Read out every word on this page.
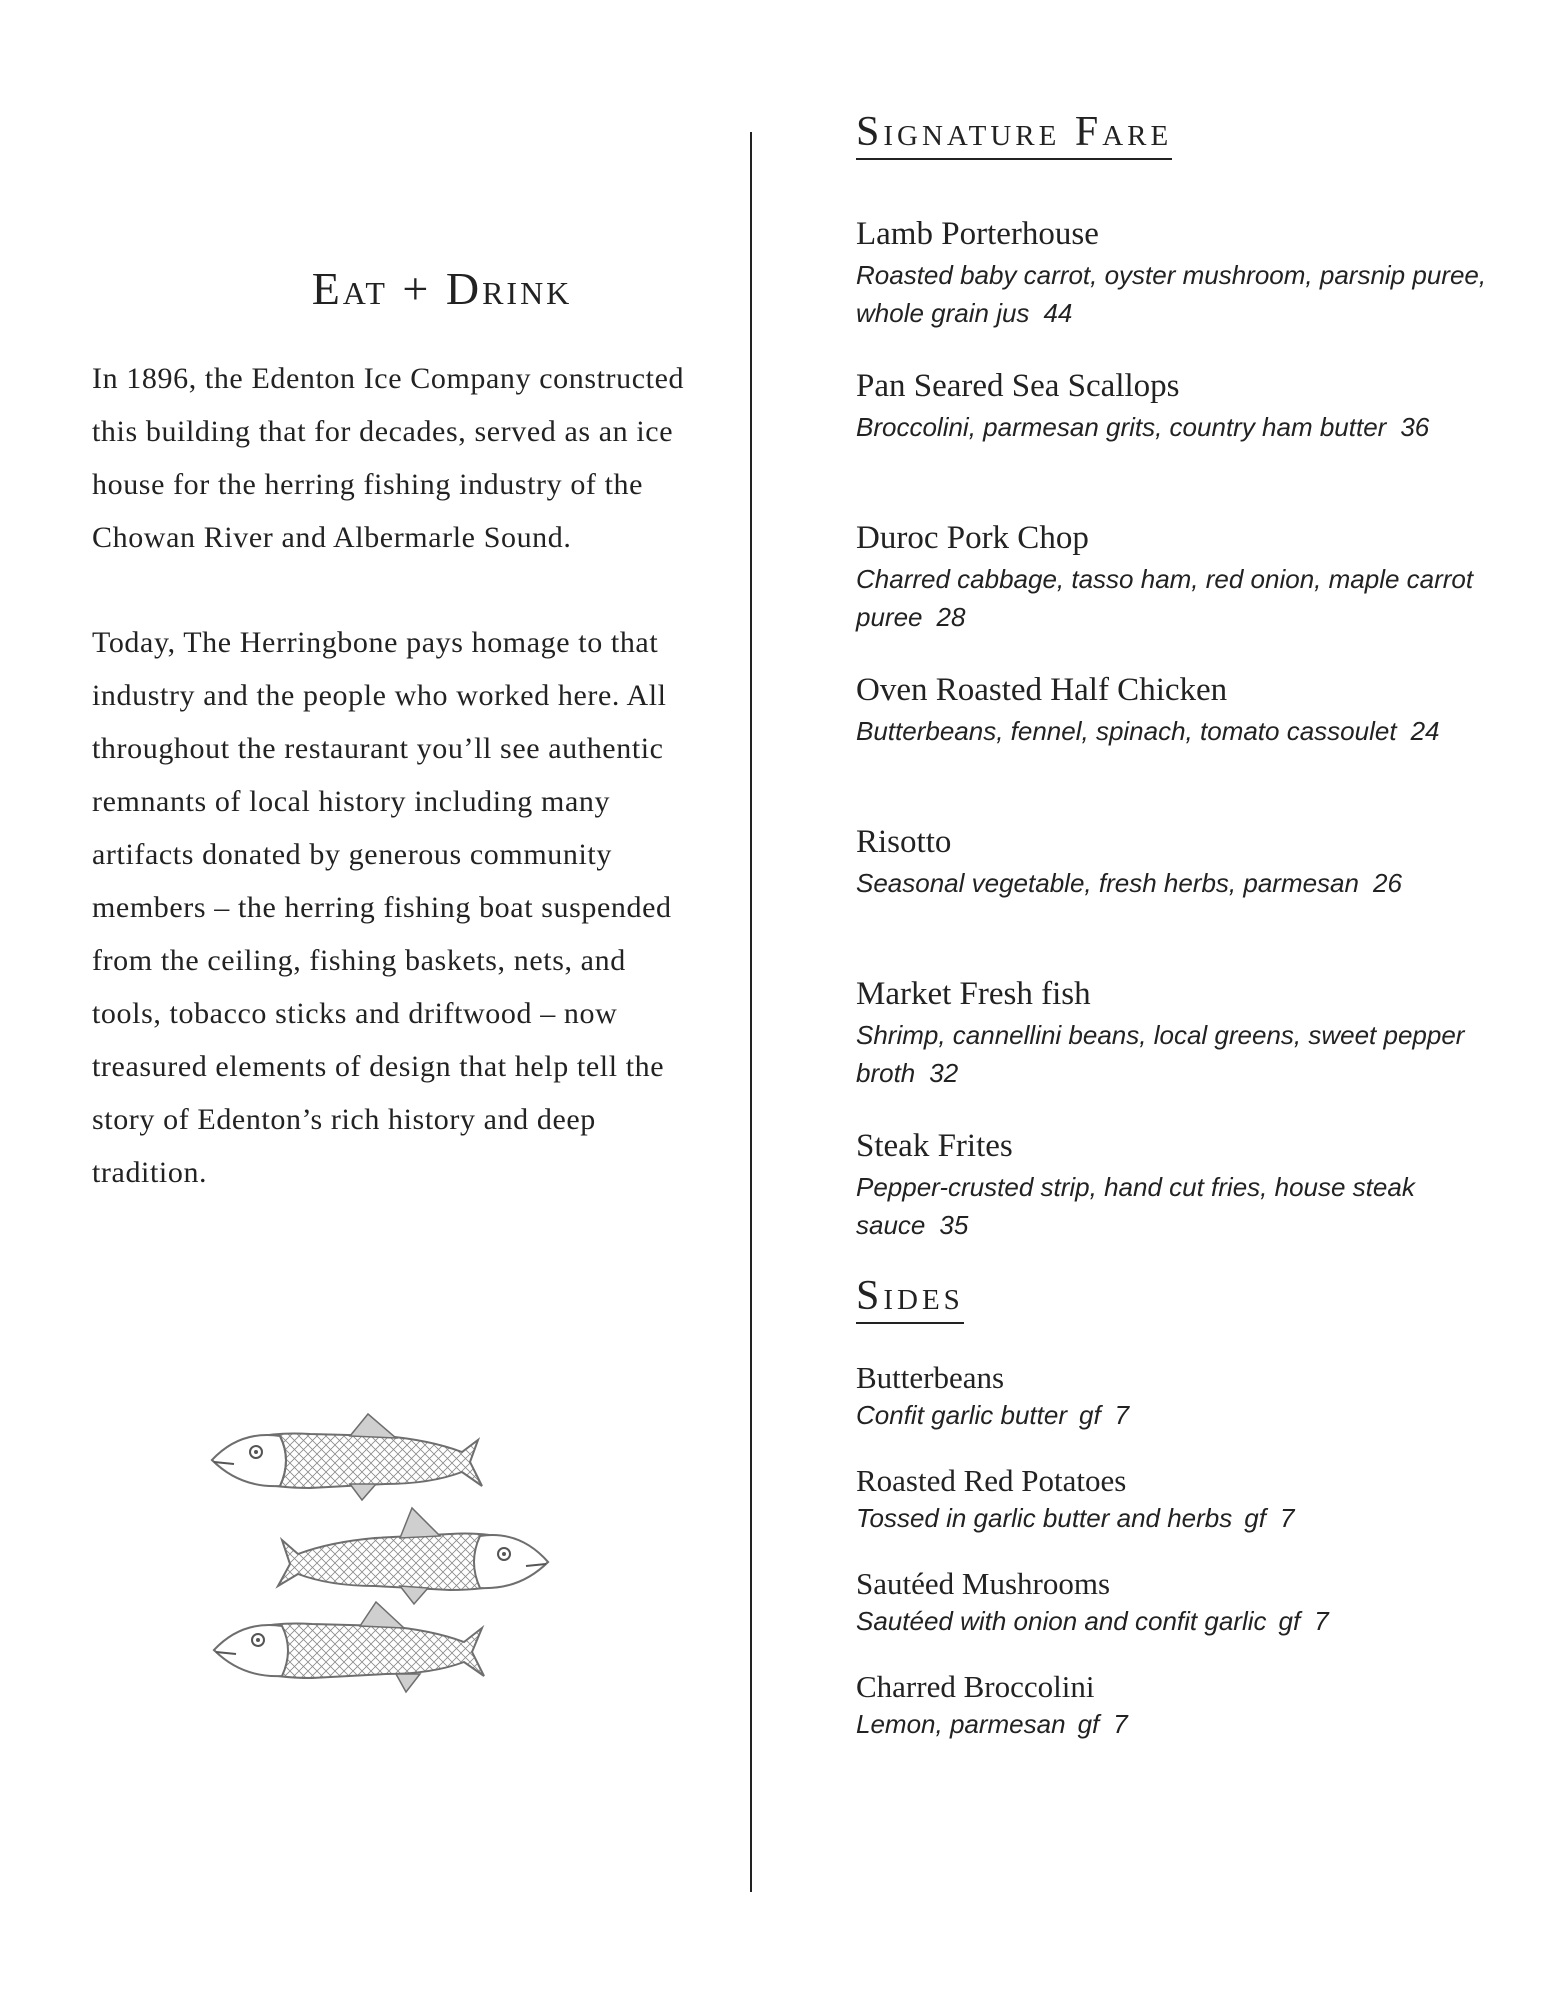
Eat + Drink

In 1896, the Edenton Ice Company constructed this building that for decades, served as an ice house for the herring fishing industry of the Chowan River and Albermarle Sound.

Today, The Herringbone pays homage to that industry and the people who worked here. All throughout the restaurant you’ll see authentic remnants of local history including many artifacts donated by generous community members – the herring fishing boat suspended from the ceiling, fishing baskets, nets, and tools, tobacco sticks and driftwood – now treasured elements of design that help tell the story of Edenton’s rich history and deep tradition.

Signature Fare
Lamb Porterhouse
Roasted baby carrot, oyster mushroom, parsnip puree, whole grain jus 44
Pan Seared Sea Scallops
Broccolini, parmesan grits, country ham butter 36
Duroc Pork Chop
Charred cabbage, tasso ham, red onion, maple carrot puree 28
Oven Roasted Half Chicken
Butterbeans, fennel, spinach, tomato cassoulet 24
Risotto
Seasonal vegetable, fresh herbs, parmesan 26
Market Fresh fish
Shrimp, cannellini beans, local greens, sweet pepper broth 32
Steak Frites
Pepper-crusted strip, hand cut fries, house steak sauce 35
Sides
Butterbeans
Confit garlic butter gf 7
Roasted Red Potatoes
Tossed in garlic butter and herbs gf 7
Sautéed Mushrooms
Sautéed with onion and confit garlic gf 7
Charred Broccolini
Lemon, parmesan gf 7
